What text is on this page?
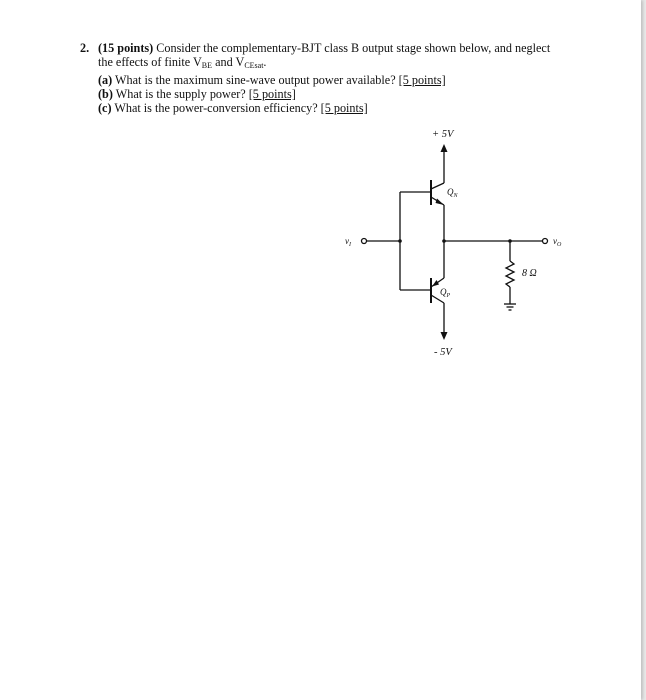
2. (15 points) Consider the complementary-BJT class B output stage shown below, and neglect
the effects of finite $V_{BE}$ and $V_{CEsat}$.
(a) What is the maximum sine-wave output power available? [5 points]
(b) What is the supply power? [5 points]
(c) What is the power-conversion efficiency? [5 points]
+ 5V
- 5V
$Q_N$
$Q_P$
$v_I$	$v_O$
8 Ω
